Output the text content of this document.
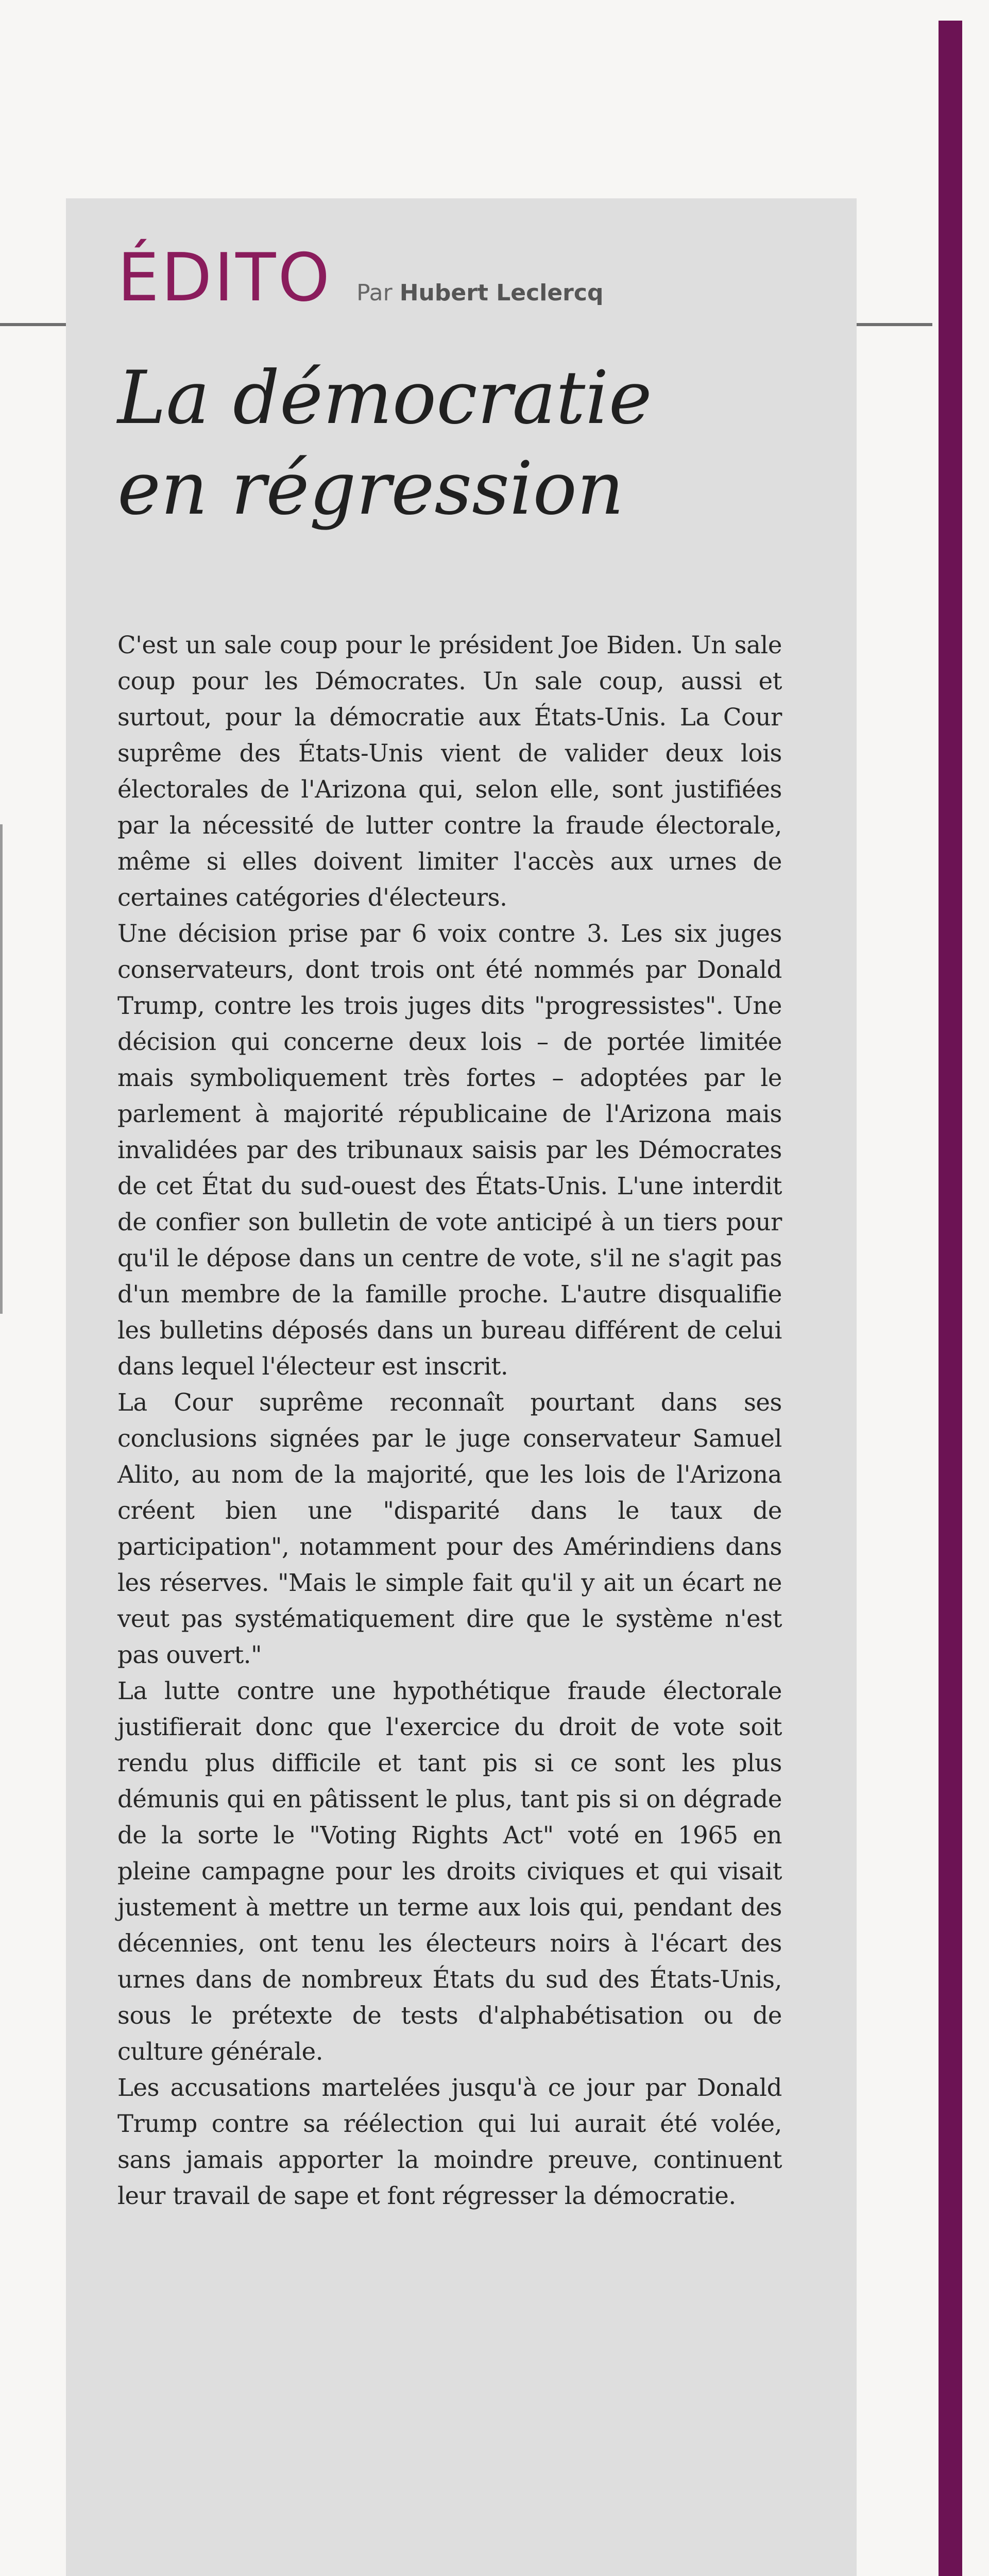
ÉDITO Par Hubert Leclercq
La démocratie
en régression

C'est un sale coup pour le président Joe Biden. Un sale coup pour les Démocrates. Un sale coup, aussi et surtout, pour la démocratie aux États-Unis. La Cour suprême des États-Unis vient de valider deux lois électorales de l'Arizona qui, selon elle, sont justifiées par la nécessité de lutter contre la fraude électorale, même si elles doivent limiter l'accès aux urnes de certaines catégories d'électeurs.

Une décision prise par 6 voix contre 3. Les six juges conservateurs, dont trois ont été nommés par Donald Trump, contre les trois juges dits "progressistes". Une décision qui concerne deux lois – de portée limitée mais symboliquement très fortes – adoptées par le parlement à majorité républicaine de l'Arizona mais invalidées par des tribunaux saisis par les Démocrates de cet État du sud-ouest des États-Unis. L'une interdit de confier son bulletin de vote anticipé à un tiers pour qu'il le dépose dans un centre de vote, s'il ne s'agit pas d'un membre de la famille proche. L'autre disqualifie les bulletins déposés dans un bureau différent de celui dans lequel l'électeur est inscrit.

La Cour suprême reconnaît pourtant dans ses conclusions signées par le juge conservateur Samuel Alito, au nom de la majorité, que les lois de l'Arizona créent bien une "disparité dans le taux de participation", notamment pour des Amérindiens dans les réserves. "Mais le simple fait qu'il y ait un écart ne veut pas systématiquement dire que le système n'est pas ouvert."

La lutte contre une hypothétique fraude électorale justifierait donc que l'exercice du droit de vote soit rendu plus difficile et tant pis si ce sont les plus démunis qui en pâtissent le plus, tant pis si on dégrade de la sorte le "Voting Rights Act" voté en 1965 en pleine campagne pour les droits civiques et qui visait justement à mettre un terme aux lois qui, pendant des décennies, ont tenu les électeurs noirs à l'écart des urnes dans de nombreux États du sud des États-Unis, sous le prétexte de tests d'alphabétisation ou de culture générale.

Les accusations martelées jusqu'à ce jour par Donald Trump contre sa réélection qui lui aurait été volée, sans jamais apporter la moindre preuve, continuent leur travail de sape et font régresser la démocratie.
